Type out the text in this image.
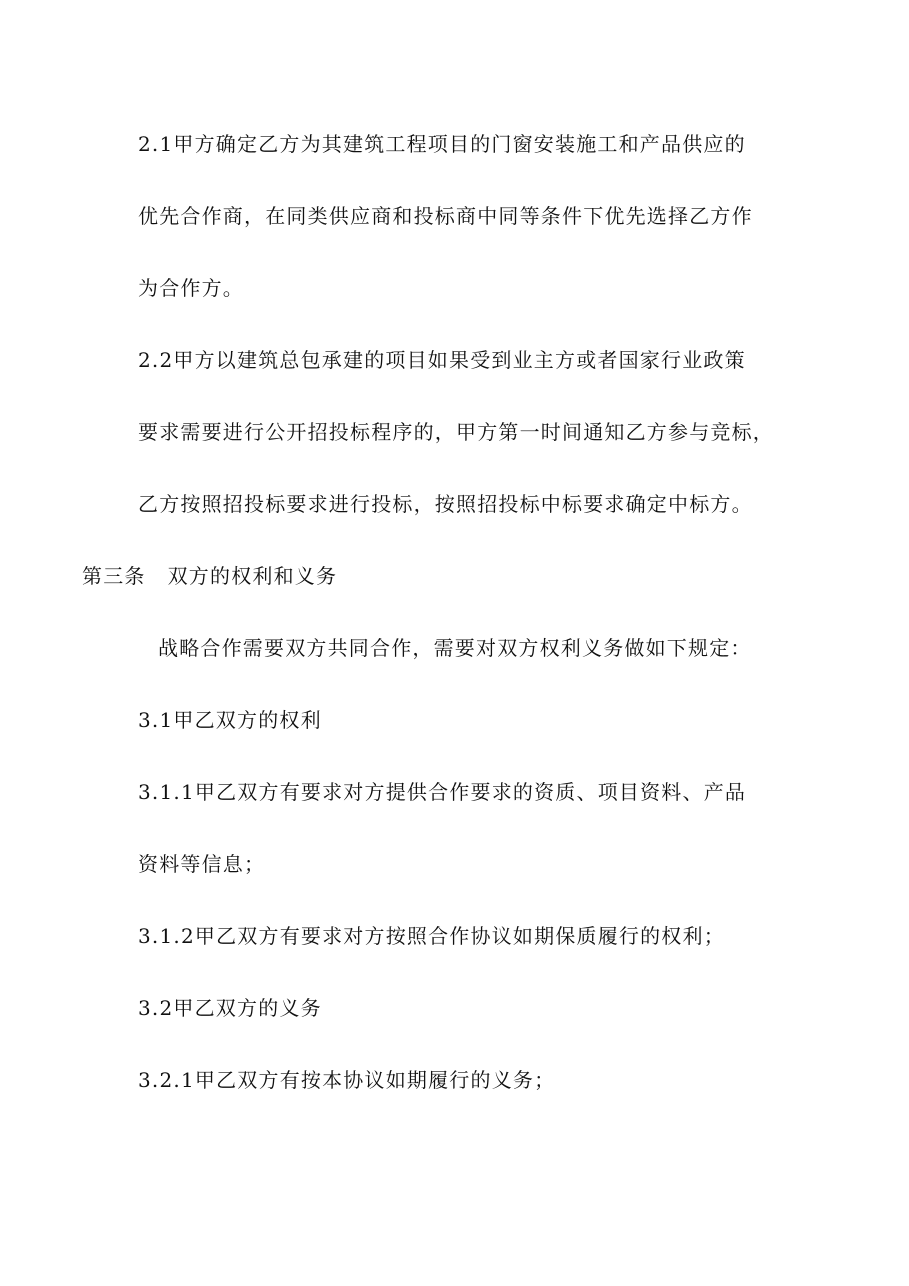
2.1甲方确定乙方为其建筑工程项目的门窗安装施工和产品供应的
优先合作商，在同类供应商和投标商中同等条件下优先选择乙方作
为合作方。
2.2甲方以建筑总包承建的项目如果受到业主方或者国家行业政策
要求需要进行公开招投标程序的，甲方第一时间通知乙方参与竞标，
乙方按照招投标要求进行投标，按照招投标中标要求确定中标方。
第三条 双方的权利和义务
战略合作需要双方共同合作，需要对双方权利义务做如下规定：
3.1甲乙双方的权利
3.1.1甲乙双方有要求对方提供合作要求的资质、项目资料、产品
资料等信息；
3.1.2甲乙双方有要求对方按照合作协议如期保质履行的权利；
3.2甲乙双方的义务
3.2.1甲乙双方有按本协议如期履行的义务；
